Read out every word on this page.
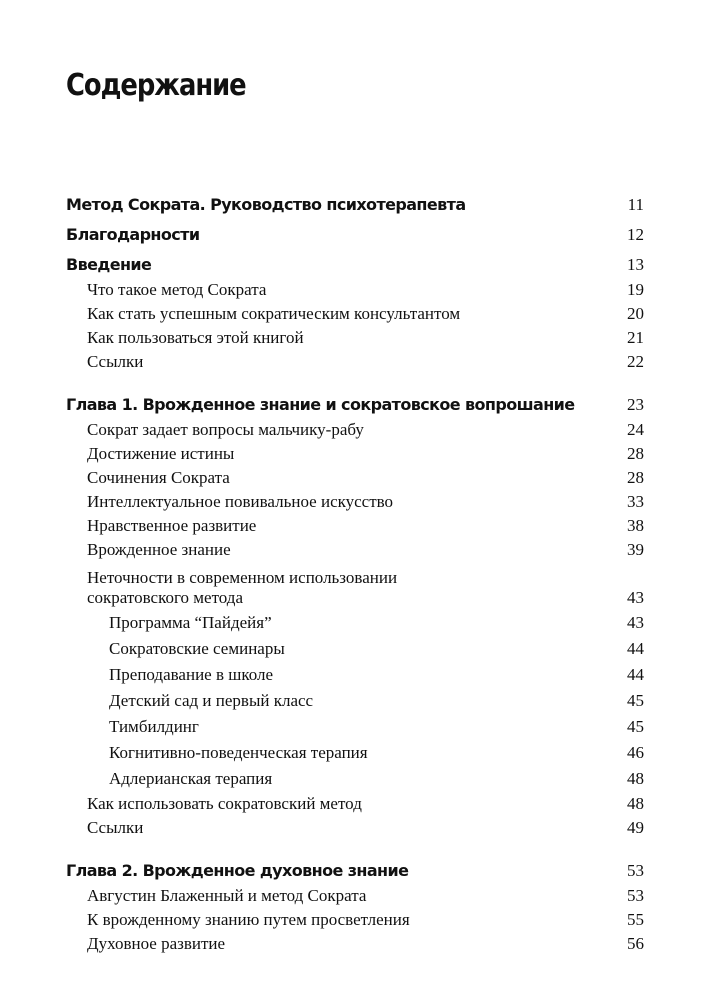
Содержание
Метод Сократа. Руководство психотерапевта	11
Благодарности	12
Введение	13
Что такое метод Сократа	19
Как стать успешным сократическим консультантом	20
Как пользоваться этой книгой	21
Ссылки	22
Глава 1. Врожденное знание и сократовское вопрошание	23
Сократ задает вопросы мальчику-рабу	24
Достижение истины	28
Сочинения Сократа	28
Интеллектуальное повивальное искусство	33
Нравственное развитие	38
Врожденное знание	39
Неточности в современном использовании
сократовского метода	43
Программа “Пайдейя”	43
Сократовские семинары	44
Преподавание в школе	44
Детский сад и первый класс	45
Тимбилдинг	45
Когнитивно-поведенческая терапия	46
Адлерианская терапия	48
Как использовать сократовский метод	48
Ссылки	49
Глава 2. Врожденное духовное знание	53
Августин Блаженный и метод Сократа	53
К врожденному знанию путем просветления	55
Духовное развитие	56
